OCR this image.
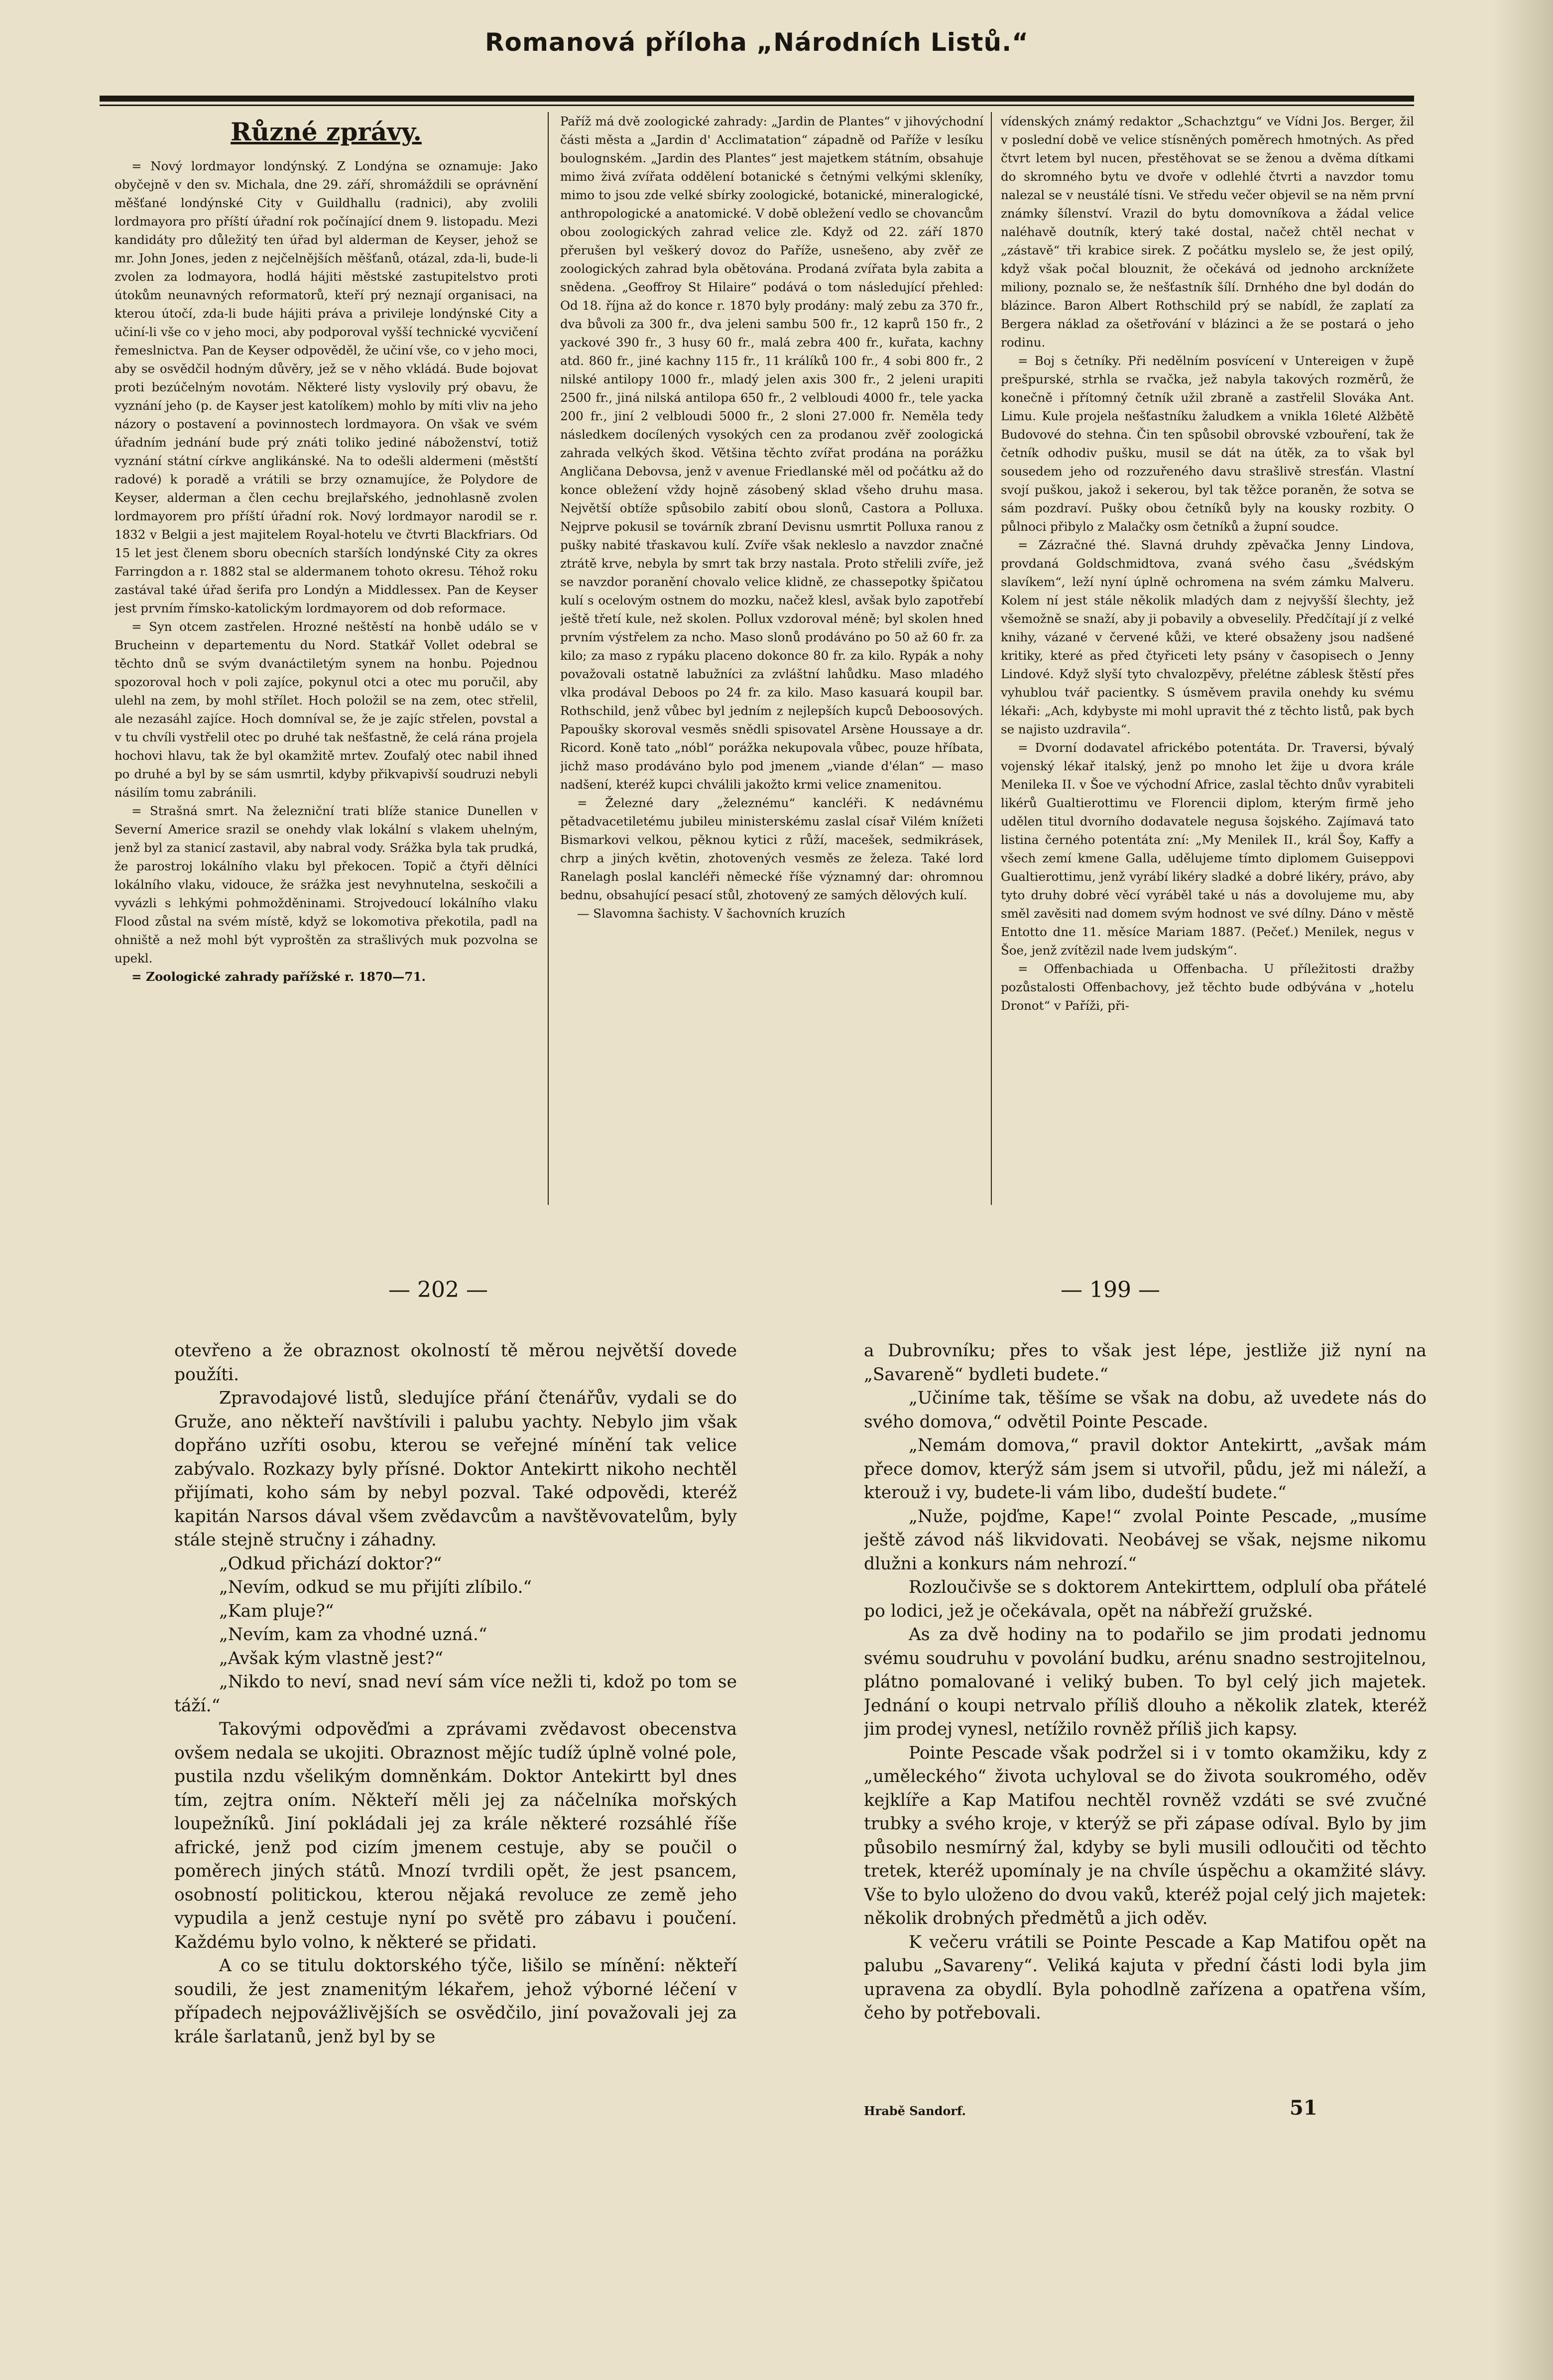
Romanová příloha „Národních Listů.“
Různé zprávy.

= Nový lordmayor londýnský. Z Londýna se oznamuje: Jako obyčejně v den sv. Michala, dne 29. září, shromáždili se oprávnění měšťané londýnské City v Guildhallu (radnici), aby zvolili lordmayora pro příští úřadní rok počínající dnem 9. listopadu. Mezi kandidáty pro důležitý ten úřad byl alderman de Keyser, jehož se mr. John Jones, jeden z nejčelnějších měšťanů, otázal, zda-li, bude-li zvolen za lodmayora, hodlá hájiti městské zastupitelstvo proti útokům neunavných reformatorů, kteří prý neznají organisaci, na kterou útočí, zda-li bude hájiti práva a privileje londýnské City a učiní-li vše co v jeho moci, aby podporoval vyšší technické vycvičení řemeslnictva. Pan de Keyser odpověděl, že učiní vše, co v jeho moci, aby se osvědčil hodným důvěry, jež se v něho vkládá. Bude bojovat proti bezúčelným novotám. Některé listy vyslovily prý obavu, že vyznání jeho (p. de Kayser jest katolíkem) mohlo by míti vliv na jeho názory o postavení a povinnostech lordmayora. On však ve svém úřadním jednání bude prý znáti toliko jediné náboženství, totiž vyznání státní církve anglikánské. Na to odešli aldermeni (městští radové) k poradě a vrátili se brzy oznamujíce, že Polydore de Keyser, alderman a člen cechu brejlařského, jednohlasně zvolen lordmayorem pro příští úřadní rok. Nový lordmayor narodil se r. 1832 v Belgii a jest majitelem Royal-hotelu ve čtvrti Blackfriars. Od 15 let jest členem sboru obecních starších londýnské City za okres Farringdon a r. 1882 stal se aldermanem tohoto okresu. Téhož roku zastával také úřad šerifa pro Londýn a Middlessex. Pan de Keyser jest prvním římsko-katolickým lordmayorem od dob reformace.

= Syn otcem zastřelen. Hrozné neštěstí na honbě událo se v Brucheinn v departementu du Nord. Statkář Vollet odebral se těchto dnů se svým dvanáctiletým synem na honbu. Pojednou spozoroval hoch v poli zajíce, pokynul otci a otec mu poručil, aby ulehl na zem, by mohl střílet. Hoch položil se na zem, otec střelil, ale nezasáhl zajíce. Hoch domníval se, že je zajíc střelen, povstal a v tu chvíli vystřelil otec po druhé tak nešťastně, že celá rána projela hochovi hlavu, tak že byl okamžitě mrtev. Zoufalý otec nabil ihned po druhé a byl by se sám usmrtil, kdyby přikvapivší soudruzi nebyli násilím tomu zabránili.

= Strašná smrt. Na železniční trati blíže stanice Dunellen v Severní Americe srazil se onehdy vlak lokální s vlakem uhelným, jenž byl za stanicí zastavil, aby nabral vody. Srážka byla tak prudká, že parostroj lokálního vlaku byl překocen. Topič a čtyři dělníci lokálního vlaku, vidouce, že srážka jest nevyhnutelna, seskočili a vyvázli s lehkými pohmožděninami. Strojvedoucí lokálního vlaku Flood zůstal na svém místě, když se lokomotiva překotila, padl na ohniště a než mohl být vyproštěn za strašlivých muk pozvolna se upekl.

= Zoologické zahrady pařížské r. 1870—71.

Paříž má dvě zoologické zahrady: „Jardin de Plantes“ v jihovýchodní části města a „Jardin d' Acclimatation“ západně od Paříže v lesíku boulognském. „Jardin des Plantes“ jest majetkem státním, obsahuje mimo živá zvířata oddělení botanické s četnými velkými skleníky, mimo to jsou zde velké sbírky zoologické, botanické, mineralogické, anthropologické a anatomické. V době obležení vedlo se chovancům obou zoologických zahrad velice zle. Když od 22. září 1870 přerušen byl veškerý dovoz do Paříže, usnešeno, aby zvěř ze zoologických zahrad byla obětována. Prodaná zvířata byla zabita a snědena. „Geoffroy St Hilaire“ podává o tom následující přehled: Od 18. října až do konce r. 1870 byly prodány: malý zebu za 370 fr., dva bůvoli za 300 fr., dva jeleni sambu 500 fr., 12 kaprů 150 fr., 2 yackové 390 fr., 3 husy 60 fr., malá zebra 400 fr., kuřata, kachny atd. 860 fr., jiné kachny 115 fr., 11 králíků 100 fr., 4 sobi 800 fr., 2 nilské antilopy 1000 fr., mladý jelen axis 300 fr., 2 jeleni urapiti 2500 fr., jiná nilská antilopa 650 fr., 2 velbloudi 4000 fr., tele yacka 200 fr., jiní 2 velbloudi 5000 fr., 2 sloni 27.000 fr. Neměla tedy následkem docílených vysokých cen za prodanou zvěř zoologická zahrada velkých škod. Většina těchto zvířat prodána na porážku Angličana Debovsa, jenž v avenue Friedlanské měl od počátku až do konce obležení vždy hojně zásobený sklad všeho druhu masa. Největší obtíže spůsobilo zabití obou slonů, Castora a Polluxa. Nejprve pokusil se továrník zbraní Devisnu usmrtit Polluxa ranou z pušky nabité třaskavou kulí. Zvíře však nekleslo a navzdor značné ztrátě krve, nebyla by smrt tak brzy nastala. Proto střelili zvíře, jež se navzdor poranění chovalo velice klidně, ze chassepotky špičatou kulí s ocelovým ostnem do mozku, načež klesl, avšak bylo zapotřebí ještě třetí kule, než skolen. Pollux vzdoroval méně; byl skolen hned prvním výstřelem za ncho. Maso slonů prodáváno po 50 až 60 fr. za kilo; za maso z rypáku placeno dokonce 80 fr. za kilo. Rypák a nohy považovali ostatně labužníci za zvláštní lahůdku. Maso mladého vlka prodával Deboos po 24 fr. za kilo. Maso kasuará koupil bar. Rothschild, jenž vůbec byl jedním z nejlepších kupců Deboosových. Papoušky skoroval vesměs snědli spisovatel Arsène Houssaye a dr. Ricord. Koně tato „nóbl“ porážka nekupovala vůbec, pouze hříbata, jichž maso prodáváno bylo pod jmenem „viande d'élan“ — maso nadšení, kteréž kupci chválili jakožto krmi velice znamenitou.

= Železné dary „železnému“ kancléři. K nedávnému pětadvacetiletému jubileu ministerskému zaslal císař Vilém knížeti Bismarkovi velkou, pěknou kytici z růží, macešek, sedmikrásek, chrp a jiných květin, zhotovených vesměs ze železa. Také lord Ranelagh poslal kancléři německé říše významný dar: ohromnou bednu, obsahující pesací stůl, zhotovený ze samých dělových kulí.

— Slavomna šachisty. V šachovních kruzích

vídenských známý redaktor „Schachztgu“ ve Vídni Jos. Berger, žil v poslední době ve velice stísněných poměrech hmotných. As před čtvrt letem byl nucen, přestěhovat se se ženou a dvěma dítkami do skromného bytu ve dvoře v odlehlé čtvrti a navzdor tomu nalezal se v neustálé tísni. Ve středu večer objevil se na něm první známky šílenství. Vrazil do bytu domovníkova a žádal velice naléhavě doutník, který také dostal, načež chtěl nechat v „zástavě“ tři krabice sirek. Z počátku myslelo se, že jest opilý, když však počal blouznit, že očekává od jednoho arcknížete miliony, poznalo se, že nešťastník šílí. Drnhého dne byl dodán do blázince. Baron Albert Rothschild prý se nabídl, že zaplatí za Bergera náklad za ošetřování v blázinci a že se postará o jeho rodinu.

= Boj s četníky. Při nedělním posvícení v Untereigen v župě prešpurské, strhla se rvačka, jež nabyla takových rozměrů, že konečně i přítomný četník užil zbraně a zastřelil Slováka Ant. Limu. Kule projela nešťastníku žaludkem a vnikla 16leté Alžbětě Budovové do stehna. Čin ten spůsobil obrovské vzbouření, tak že četník odhodiv pušku, musil se dát na útěk, za to však byl sousedem jeho od rozzuřeného davu strašlivě stresťán. Vlastní svojí puškou, jakož i sekerou, byl tak těžce poraněn, že sotva se sám pozdraví. Pušky obou četníků byly na kousky rozbity. O půlnoci přibylo z Malačky osm četníků a župní soudce.

= Zázračné thé. Slavná druhdy zpěvačka Jenny Lindova, provdaná Goldschmidtova, zvaná svého času „švédským slavíkem“, leží nyní úplně ochromena na svém zámku Malveru. Kolem ní jest stále několik mladých dam z nejvyšší šlechty, jež všemožně se snaží, aby ji pobavily a obveselily. Předčítají jí z velké knihy, vázané v červené kůži, ve které obsaženy jsou nadšené kritiky, které as před čtyřiceti lety psány v časopisech o Jenny Lindové. Když slyší tyto chvalozpěvy, přelétne záblesk štěstí přes vyhublou tvář pacientky. S úsměvem pravila onehdy ku svému lékaři: „Ach, kdybyste mi mohl upravit thé z těchto listů, pak bych se najisto uzdravila“.

= Dvorní dodavatel africkébo potentáta. Dr. Traversi, bývalý vojenský lékař italský, jenž po mnoho let žije u dvora krále Menileka II. v Šoe ve východní Africe, zaslal těchto dnův vyrabiteli likérů Gualtierottimu ve Florencii diplom, kterým firmě jeho udělen titul dvorního dodavatele negusa šojského. Zajímavá tato listina černého potentáta zní: „My Menilek II., král Šoy, Kaffy a všech zemí kmene Galla, udělujeme tímto diplomem Guiseppovi Gualtierottimu, jenž vyrábí likéry sladké a dobré likéry, právo, aby tyto druhy dobré věcí vyráběl také u nás a dovolujeme mu, aby směl zavěsiti nad domem svým hodnost ve své dílny. Dáno v městě Entotto dne 11. měsíce Mariam 1887. (Pečeť.) Menilek, negus v Šoe, jenž zvítězil nade lvem judským“.

= Offenbachiada u Offenbacha. U příležitosti dražby pozůstalosti Offenbachovy, jež těchto bude odbývána v „hotelu Dronot“ v Paříži, při-

— 202 —	— 199 —

otevřeno a že obraznost okolností tě měrou největší dovede použíti.

Zpravodajové listů, sledujíce přání čtenářův, vydali se do Gruže, ano někteří navštívili i palubu yachty. Nebylo jim však dopřáno uzříti osobu, kterou se veřejné mínění tak velice zabývalo. Rozkazy byly přísné. Doktor Antekirtt nikoho nechtěl přijímati, koho sám by nebyl pozval. Také odpovědi, kteréž kapitán Narsos dával všem zvědavcům a navštěvovatelům, byly stále stejně stručny i záhadny.

„Odkud přichází doktor?“

„Nevím, odkud se mu přijíti zlíbilo.“

„Kam pluje?“

„Nevím, kam za vhodné uzná.“

„Avšak kým vlastně jest?“

„Nikdo to neví, snad neví sám více nežli ti, kdož po tom se táží.“

Takovými odpověďmi a zprávami zvědavost obecenstva ovšem nedala se ukojiti. Obraznost mějíc tudíž úplně volné pole, pustila nzdu všelikým domněnkám. Doktor Antekirtt byl dnes tím, zejtra oním. Někteří měli jej za náčelníka mořských loupežníků. Jiní pokládali jej za krále některé rozsáhlé říše africké, jenž pod cizím jmenem cestuje, aby se poučil o poměrech jiných států. Mnozí tvrdili opět, že jest psancem, osobností politickou, kterou nějaká revoluce ze země jeho vypudila a jenž cestuje nyní po světě pro zábavu i poučení. Každému bylo volno, k některé se přidati.

A co se titulu doktorského týče, lišilo se mínění: někteří soudili, že jest znamenitým lékařem, jehož výborné léčení v případech nejpovážlivějších se osvědčilo, jiní považovali jej za krále šarlatanů, jenž byl by se

a Dubrovníku; přes to však jest lépe, jestliže již nyní na „Savareně“ bydleti budete.“

„Učiníme tak, těšíme se však na dobu, až uvedete nás do svého domova,“ odvětil Pointe Pescade.

„Nemám domova,“ pravil doktor Antekirtt, „avšak mám přece domov, kterýž sám jsem si utvořil, půdu, jež mi náleží, a kterouž i vy, budete-li vám libo, dudeští budete.“

„Nuže, pojďme, Kape!“ zvolal Pointe Pescade, „musíme ještě závod náš likvidovati. Neobávej se však, nejsme nikomu dlužni a konkurs nám nehrozí.“

Rozloučivše se s doktorem Antekirttem, odplulí oba přátelé po lodici, jež je očekávala, opět na nábřeží gružské.

As za dvě hodiny na to podařilo se jim prodati jednomu svému soudruhu v povolání budku, arénu snadno sestrojitelnou, plátno pomalované i veliký buben. To byl celý jich majetek. Jednání o koupi netrvalo příliš dlouho a několik zlatek, kteréž jim prodej vynesl, netížilo rovněž příliš jich kapsy.

Pointe Pescade však podržel si i v tomto okamžiku, kdy z „uměleckého“ života uchyloval se do života soukromého, oděv kejklíře a Kap Matifou nechtěl rovněž vzdáti se své zvučné trubky a svého kroje, v kterýž se při zápase odíval. Bylo by jim působilo nesmírný žal, kdyby se byli musili odloučiti od těchto tretek, kteréž upomínaly je na chvíle úspěchu a okamžité slávy. Vše to bylo uloženo do dvou vaků, kteréž pojal celý jich majetek: několik drobných předmětů a jich oděv.

K večeru vrátili se Pointe Pescade a Kap Matifou opět na palubu „Savareny“. Veliká kajuta v přední části lodi byla jim upravena za obydlí. Byla pohodlně zařízena a opatřena vším, čeho by potřebovali.

Hrabě Sandorf.	51
